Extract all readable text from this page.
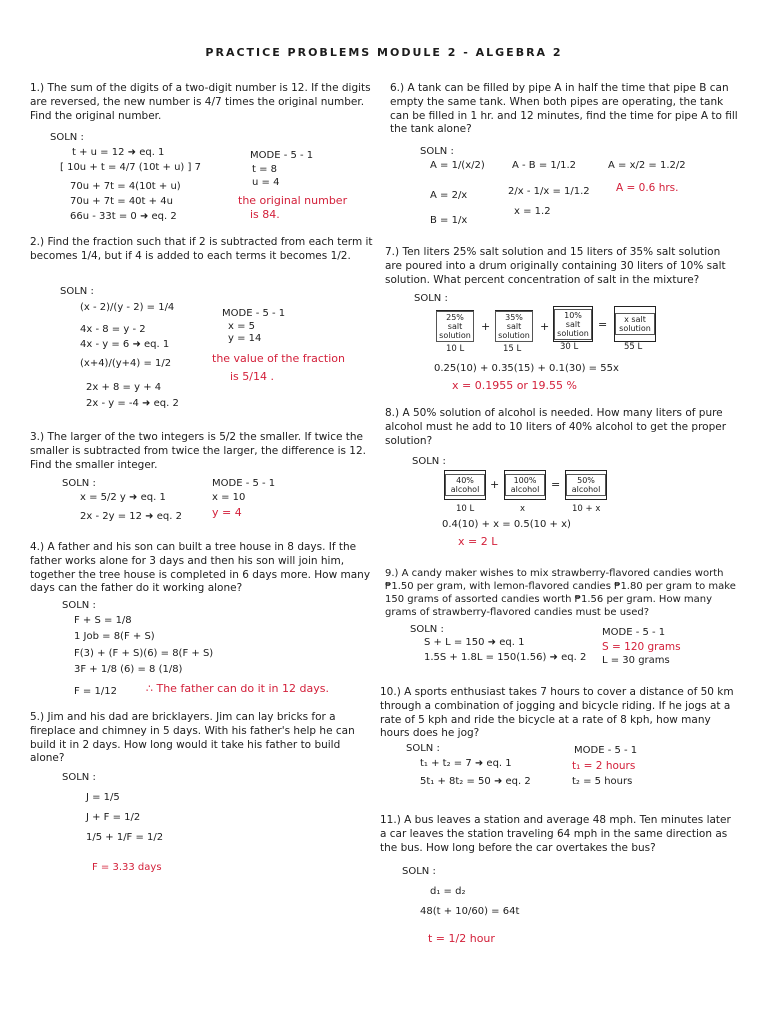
PRACTICE PROBLEMS MODULE 2 - ALGEBRA 2
1.) The sum of the digits of a two-digit number is 12. If the digits are reversed, the new number is 4/7 times the original number. Find the original number.
SOLN :
t + u = 12 ➜ eq. 1
[ 10u + t = 4/7 (10t + u) ] 7
70u + 7t = 4(10t + u)
70u + 7t = 40t + 4u
66u - 33t = 0 ➜ eq. 2
MODE - 5 - 1
t = 8
u = 4
the original number
is 84.
2.) Find the fraction such that if 2 is subtracted from each term it becomes 1/4, but if 4 is added to each terms it becomes 1/2.
SOLN :
(x - 2)/(y - 2) = 1/4
4x - 8 = y - 2
4x - y = 6 ➜ eq. 1
(x+4)/(y+4) = 1/2
2x + 8 = y + 4
2x - y = -4 ➜ eq. 2
MODE - 5 - 1
x = 5
y = 14
the value of the fraction
is 5/14 .
3.) The larger of the two integers is 5/2 the smaller. If twice the smaller is subtracted from twice the larger, the difference is 12. Find the smaller integer.
SOLN :
x = 5/2 y ➜ eq. 1
2x - 2y = 12 ➜ eq. 2
MODE - 5 - 1
x = 10
y = 4
4.) A father and his son can built a tree house in 8 days. If the father works alone for 3 days and then his son will join him, together the tree house is completed in 6 days more. How many days can the father do it working alone?
SOLN :
F + S = 1/8
1 Job = 8(F + S)
F(3) + (F + S)(6) = 8(F + S)
3F + 1/8 (6) = 8 (1/8)
F = 1/12	∴ The father can do it in 12 days.
5.) Jim and his dad are bricklayers. Jim can lay bricks for a fireplace and chimney in 5 days. With his father's help he can build it in 2 days. How long would it take his father to build alone?
SOLN :
J = 1/5
J + F = 1/2
1/5 + 1/F = 1/2
F = 3.33 days
6.) A tank can be filled by pipe A in half the time that pipe B can empty the same tank. When both pipes are operating, the tank can be filled in 1 hr. and 12 minutes, find the time for pipe A to fill the tank alone?
SOLN :
A = 1/(x/2)	A - B = 1/1.2	A = x/2 = 1.2/2
A = 2/x	2/x - 1/x = 1/1.2
B = 1/x
x = 1.2
A = 0.6 hrs.
7.) Ten liters 25% salt solution and 15 liters of 35% salt solution are poured into a drum originally containing 30 liters of 10% salt solution. What percent concentration of salt in the mixture?
SOLN :
25% salt solution
+
35% salt solution
+
10% salt solution
=	x salt solution
10 L	15 L	30 L	55 L
0.25(10) + 0.35(15) + 0.1(30) = 55x
x = 0.1955 or 19.55 %
8.) A 50% solution of alcohol is needed. How many liters of pure alcohol must he add to 10 liters of 40% alcohol to get the proper solution?
SOLN :
40% alcohol +	100% alcohol	=	50% alcohol
10 L	x	10 + x
0.4(10) + x = 0.5(10 + x)
x = 2 L
9.) A candy maker wishes to mix strawberry-flavored candies worth ₱1.50 per gram, with lemon-flavored candies ₱1.80 per gram to make 150 grams of assorted candies worth ₱1.56 per gram. How many grams of strawberry-flavored candies must be used?
SOLN :
S + L = 150 ➜ eq. 1
1.5S + 1.8L = 150(1.56) ➜ eq. 2
MODE - 5 - 1
S = 120 grams
L = 30 grams
10.) A sports enthusiast takes 7 hours to cover a distance of 50 km through a combination of jogging and bicycle riding. If he jogs at a rate of 5 kph and ride the bicycle at a rate of 8 kph, how many hours does he jog?
SOLN :
t₁ + t₂ = 7 ➜ eq. 1
5t₁ + 8t₂ = 50 ➜ eq. 2
MODE - 5 - 1
t₁ = 2 hours
t₂ = 5 hours
11.) A bus leaves a station and average 48 mph. Ten minutes later a car leaves the station traveling 64 mph in the same direction as the bus. How long before the car overtakes the bus?
SOLN :
d₁ = d₂
48(t + 10/60) = 64t
t = 1/2 hour
